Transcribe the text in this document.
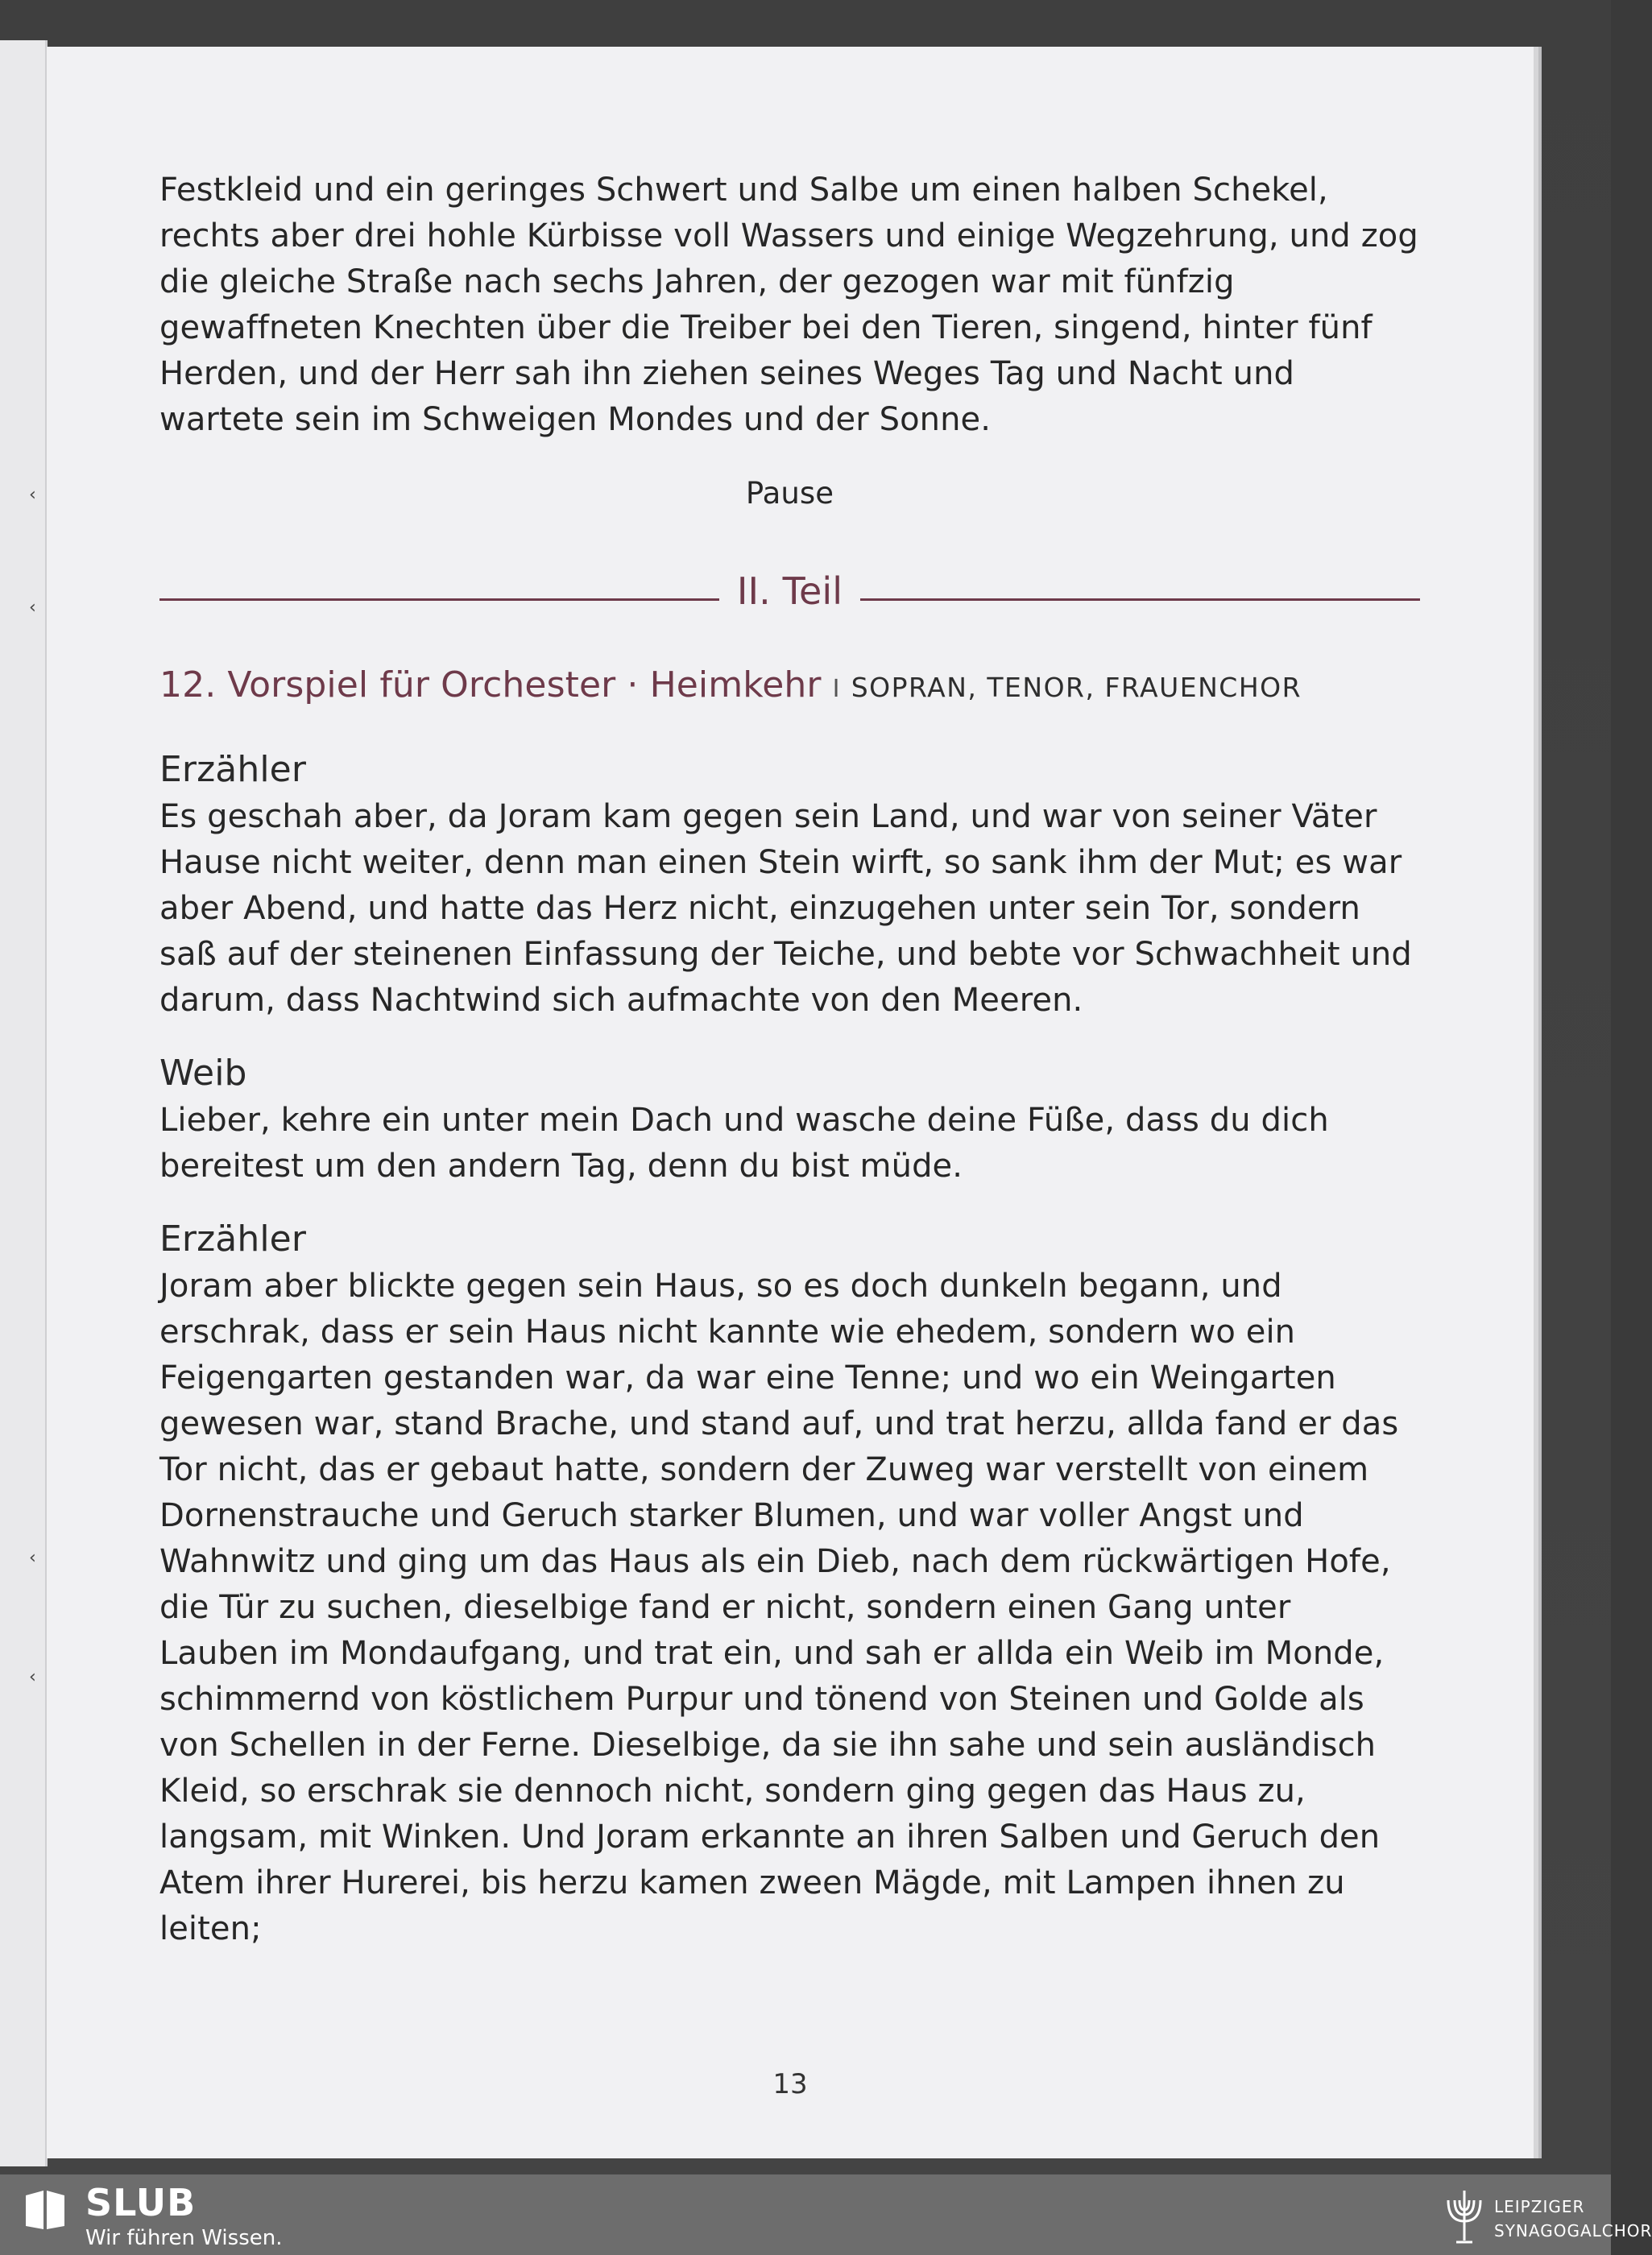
‹
‹
‹
‹

Festkleid und ein geringes Schwert und Salbe um einen halben Schekel, rechts aber drei hohle Kürbisse voll Wassers und einige Wegzehrung, und zog die gleiche Straße nach sechs Jahren, der gezogen war mit fünfzig gewaffneten Knechten über die Treiber bei den Tieren, singend, hinter fünf Herden, und der Herr sah ihn ziehen seines Weges Tag und Nacht und wartete sein im Schweigen Mondes und der Sonne.

Pause

II. Teil
12. Vorspiel für Orchester · Heimkehr I SOPRAN, TENOR, FRAUENCHOR
Erzähler

Es geschah aber, da Joram kam gegen sein Land, und war von seiner Väter Hause nicht weiter, denn man einen Stein wirft, so sank ihm der Mut; es war aber Abend, und hatte das Herz nicht, einzugehen unter sein Tor, sondern saß auf der steinenen Einfassung der Teiche, und bebte vor Schwachheit und darum, dass Nachtwind sich aufmachte von den Meeren.

Weib

Lieber, kehre ein unter mein Dach und wasche deine Füße, dass du dich bereitest um den andern Tag, denn du bist müde.

Erzähler

Joram aber blickte gegen sein Haus, so es doch dunkeln begann, und erschrak, dass er sein Haus nicht kannte wie ehedem, sondern wo ein Feigengarten gestanden war, da war eine Tenne; und wo ein Weingarten gewesen war, stand Brache, und stand auf, und trat herzu, allda fand er das Tor nicht, das er gebaut hatte, sondern der Zuweg war verstellt von einem Dornenstrauche und Geruch starker Blumen, und war voller Angst und Wahnwitz und ging um das Haus als ein Dieb, nach dem rückwärtigen Hofe, die Tür zu suchen, dieselbige fand er nicht, sondern einen Gang unter Lauben im Mondaufgang, und trat ein, und sah er allda ein Weib im Monde, schimmernd von köstlichem Purpur und tönend von Steinen und Golde als von Schellen in der Ferne. Dieselbige, da sie ihn sahe und sein ausländisch Kleid, so erschrak sie dennoch nicht, sondern ging gegen das Haus zu, langsam, mit Winken. Und Joram erkannte an ihren Salben und Geruch den Atem ihrer Hurerei, bis herzu kamen zween Mägde, mit Lampen ihnen zu leiten;

13
SLUB
Wir führen Wissen.
LEIPZIGER
SYNAGOGALCHOR
